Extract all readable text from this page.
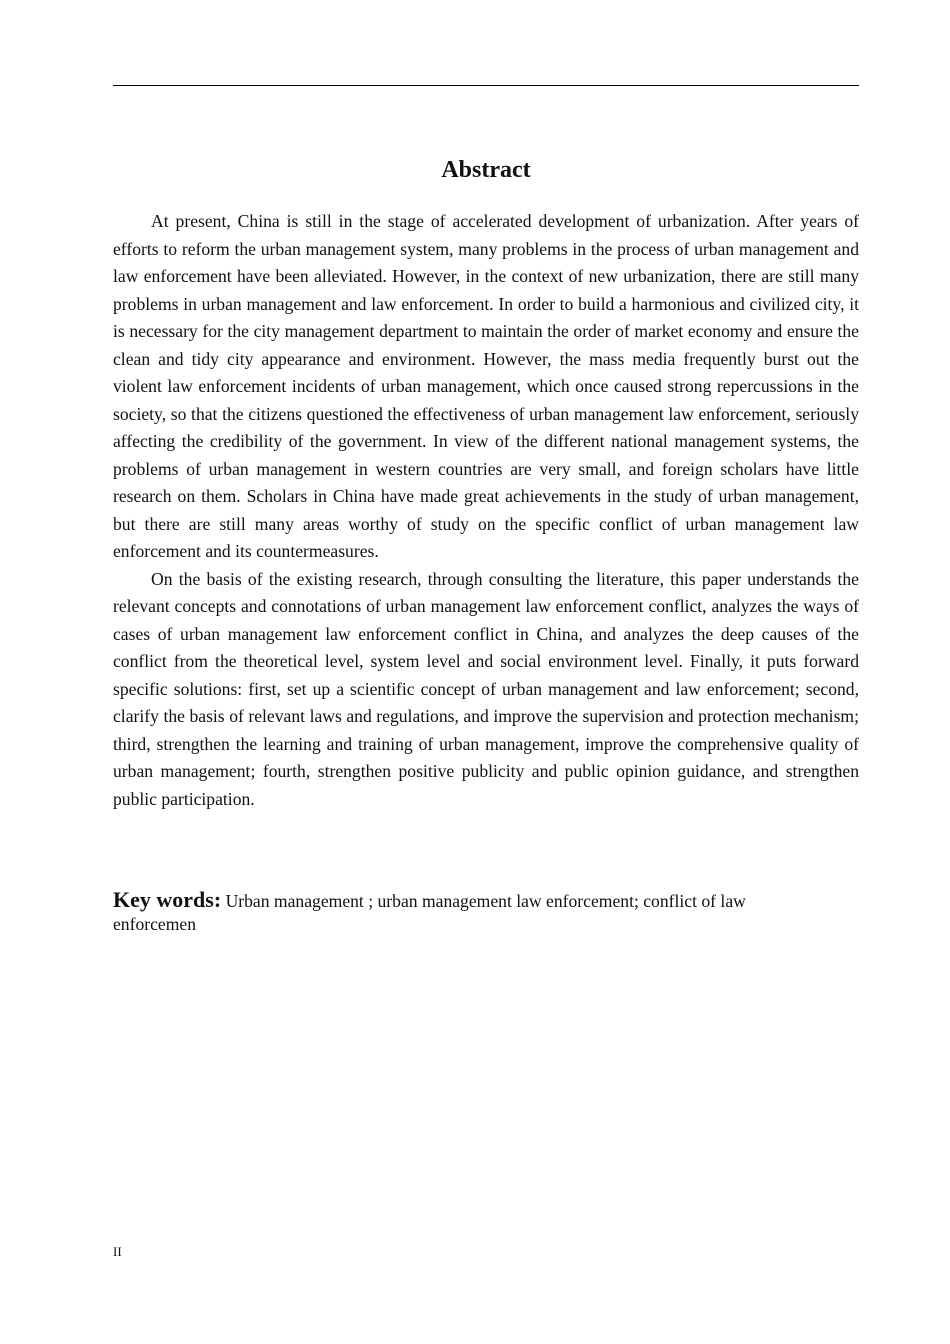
Abstract

At present, China is still in the stage of accelerated development of urbanization. After years of efforts to reform the urban management system, many problems in the process of urban management and law enforcement have been alleviated. However, in the context of new urbanization, there are still many problems in urban management and law enforcement. In order to build a harmonious and civilized city, it is necessary for the city management department to maintain the order of market economy and ensure the clean and tidy city appearance and environment. However, the mass media frequently burst out the violent law enforcement incidents of urban management, which once caused strong repercussions in the society, so that the citizens questioned the effectiveness of urban management law enforcement, seriously affecting the credibility of the government. In view of the different national management systems, the problems of urban management in western countries are very small, and foreign scholars have little research on them. Scholars in China have made great achievements in the study of urban management, but there are still many areas worthy of study on the specific conflict of urban management law enforcement and its countermeasures.

On the basis of the existing research, through consulting the literature, this paper understands the relevant concepts and connotations of urban management law enforcement conflict, analyzes the ways of cases of urban management law enforcement conflict in China, and analyzes the deep causes of the conflict from the theoretical level, system level and social environment level. Finally, it puts forward specific solutions: first, set up a scientific concept of urban management and law enforcement; second, clarify the basis of relevant laws and regulations, and improve the supervision and protection mechanism; third, strengthen the learning and training of urban management, improve the comprehensive quality of urban management; fourth, strengthen positive publicity and public opinion guidance, and strengthen public participation.

Key words: Urban management ; urban management law enforcement; conflict of law enforcemen

II
